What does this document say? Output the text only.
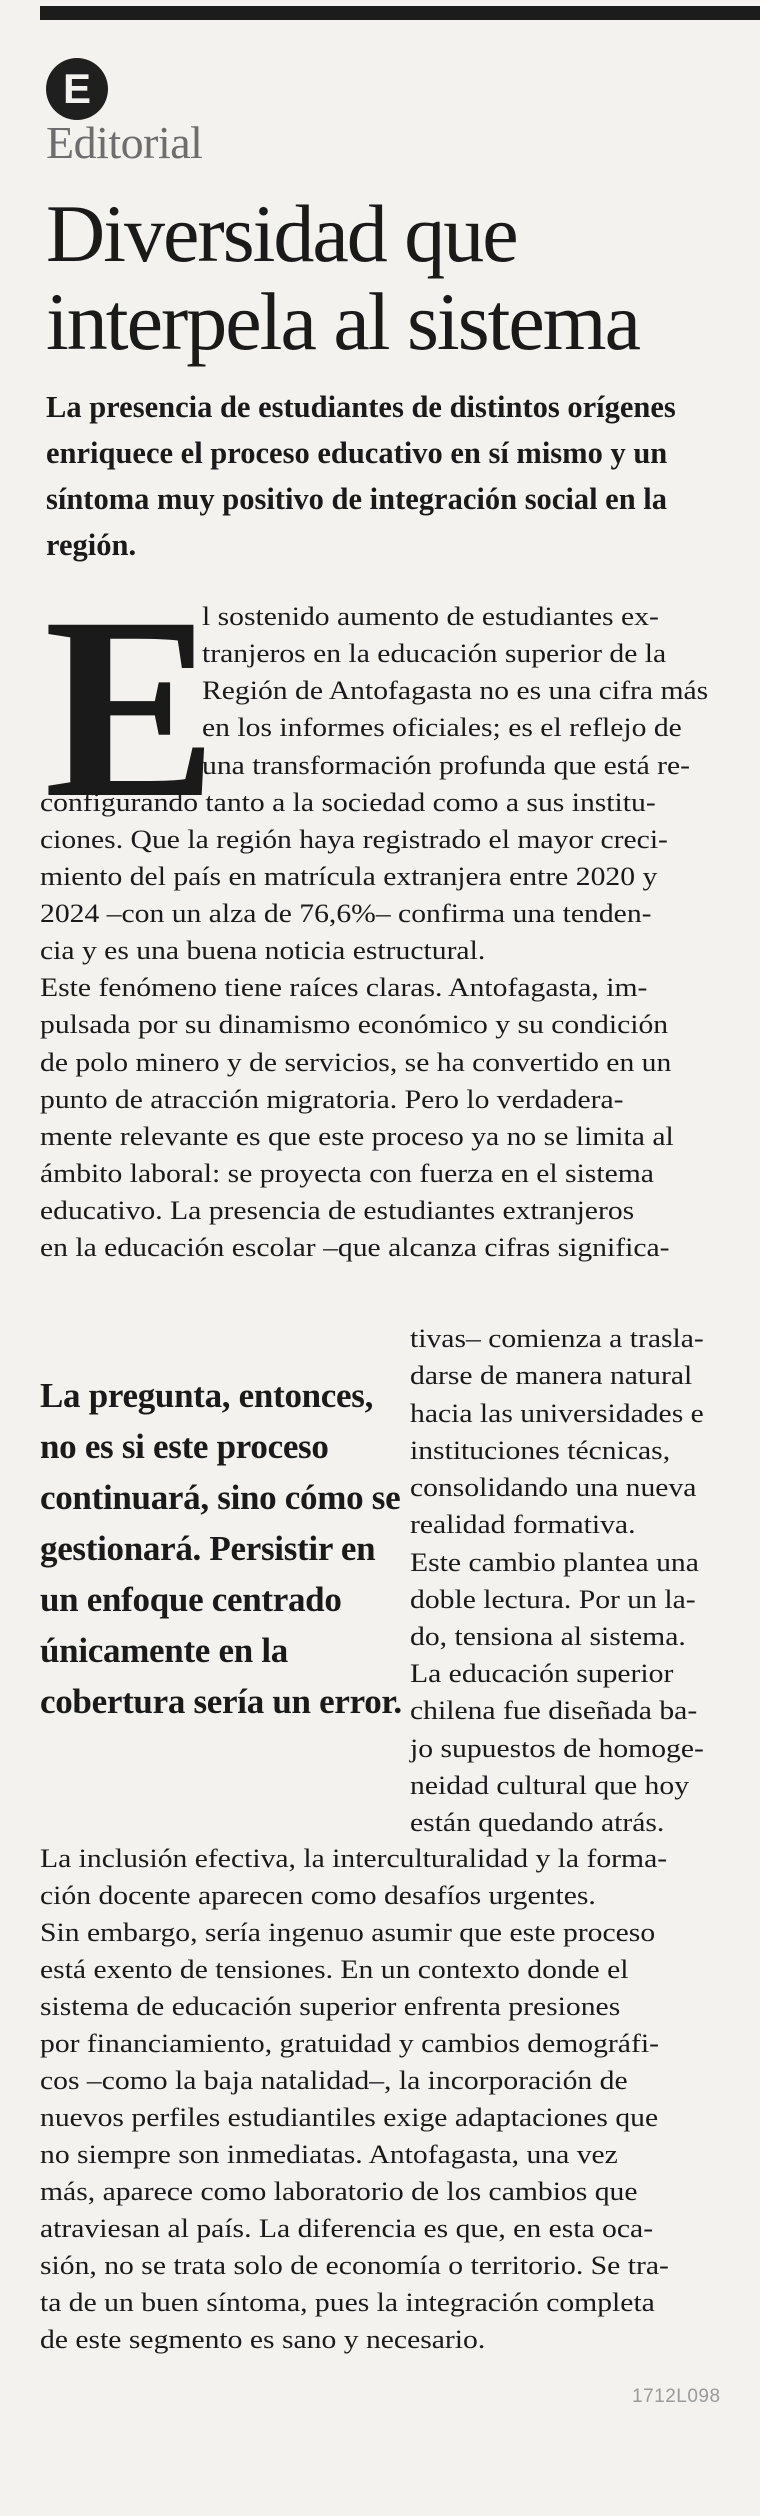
E
Editorial
Diversidad que interpela al sistema

La presencia de estudiantes de distintos orígenes enriquece el proceso educativo en sí mismo y un síntoma muy positivo de integración social en la región.

E
l sostenido aumento de estudiantes ex-
tranjeros en la educación superior de la
Región de Antofagasta no es una cifra más
en los informes oficiales; es el reflejo de
una transformación profunda que está re-
configurando tanto a la sociedad como a sus institu-
ciones. Que la región haya registrado el mayor creci-
miento del país en matrícula extranjera entre 2020 y
2024 –con un alza de 76,6%– confirma una tenden-
cia y es una buena noticia estructural.
Este fenómeno tiene raíces claras. Antofagasta, im-
pulsada por su dinamismo económico y su condición
de polo minero y de servicios, se ha convertido en un
punto de atracción migratoria. Pero lo verdadera-
mente relevante es que este proceso ya no se limita al
ámbito laboral: se proyecta con fuerza en el sistema
educativo. La presencia de estudiantes extranjeros
en la educación escolar –que alcanza cifras significa-
tivas– comienza a trasla-
darse de manera natural
hacia las universidades e
instituciones técnicas,
consolidando una nueva
realidad formativa.
Este cambio plantea una
doble lectura. Por un la-
do, tensiona al sistema.
La educación superior
chilena fue diseñada ba-
jo supuestos de homoge-
neidad cultural que hoy
están quedando atrás.
La inclusión efectiva, la interculturalidad y la forma-
ción docente aparecen como desafíos urgentes.
Sin embargo, sería ingenuo asumir que este proceso
está exento de tensiones. En un contexto donde el
sistema de educación superior enfrenta presiones
por financiamiento, gratuidad y cambios demográfi-
cos –como la baja natalidad–, la incorporación de
nuevos perfiles estudiantiles exige adaptaciones que
no siempre son inmediatas. Antofagasta, una vez
más, aparece como laboratorio de los cambios que
atraviesan al país. La diferencia es que, en esta oca-
sión, no se trata solo de economía o territorio. Se tra-
ta de un buen síntoma, pues la integración completa
de este segmento es sano y necesario.

La pregunta, entonces, no es si este proceso continuará, sino cómo se gestionará. Persistir en un enfoque centrado únicamente en la cobertura sería un error.

1712L098
